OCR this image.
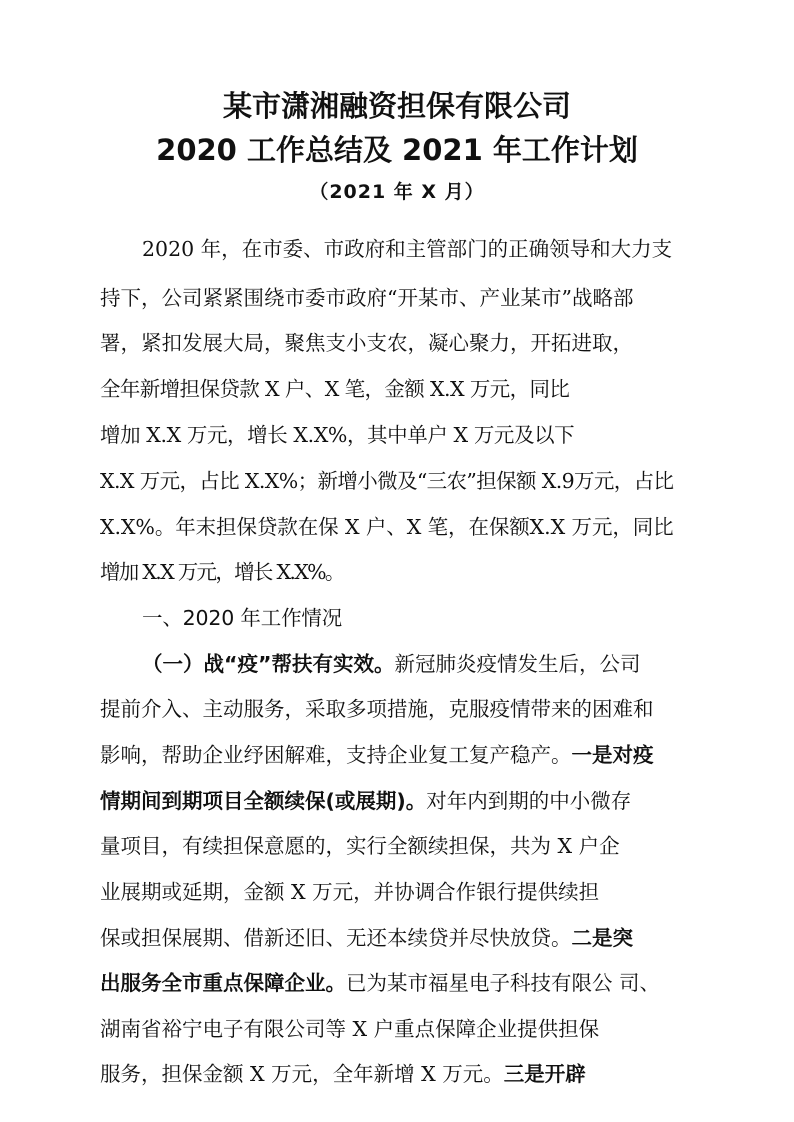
某市潇湘融资担保有限公司
2020 工作总结及 2021 年工作计划
（2021 年 X 月）
2020 年，在市委、市政府和主管部门的正确领导和大力支
持下，公司紧紧围绕市委市政府“开某市、产业某市”战略部
署，紧扣发展大局，聚焦支小支农，凝心聚力，开拓进取，
全年新增担保贷款 X 户、X 笔，金额 X.X 万元，同比
增加 X.X 万元，增长 X.X%，其中单户 X 万元及以下
X.X 万元，占比 X.X%；新增小微及“三农”担保额 X.9万元，占比
X.X%。年末担保贷款在保 X 户、X 笔，在保额X.X 万元，同比
增加 X.X 万元，增长 X.X%。
一、2020 年工作情况
（一）战“疫”帮扶有实效。新冠肺炎疫情发生后，公司
提前介入、主动服务，采取多项措施，克服疫情带来的困难和
影响，帮助企业纾困解难，支持企业复工复产稳产。一是对疫
情期间到期项目全额续保(或展期)。对年内到期的中小微存
量项目，有续担保意愿的，实行全额续担保，共为 X 户企
业展期或延期，金额 X 万元，并协调合作银行提供续担
保或担保展期、借新还旧、无还本续贷并尽快放贷。二是突
出服务全市重点保障企业。已为某市福星电子科技有限公 司、
湖南省裕宁电子有限公司等 X 户重点保障企业提供担保
服务，担保金额 X 万元，全年新增 X 万元。三是开辟
